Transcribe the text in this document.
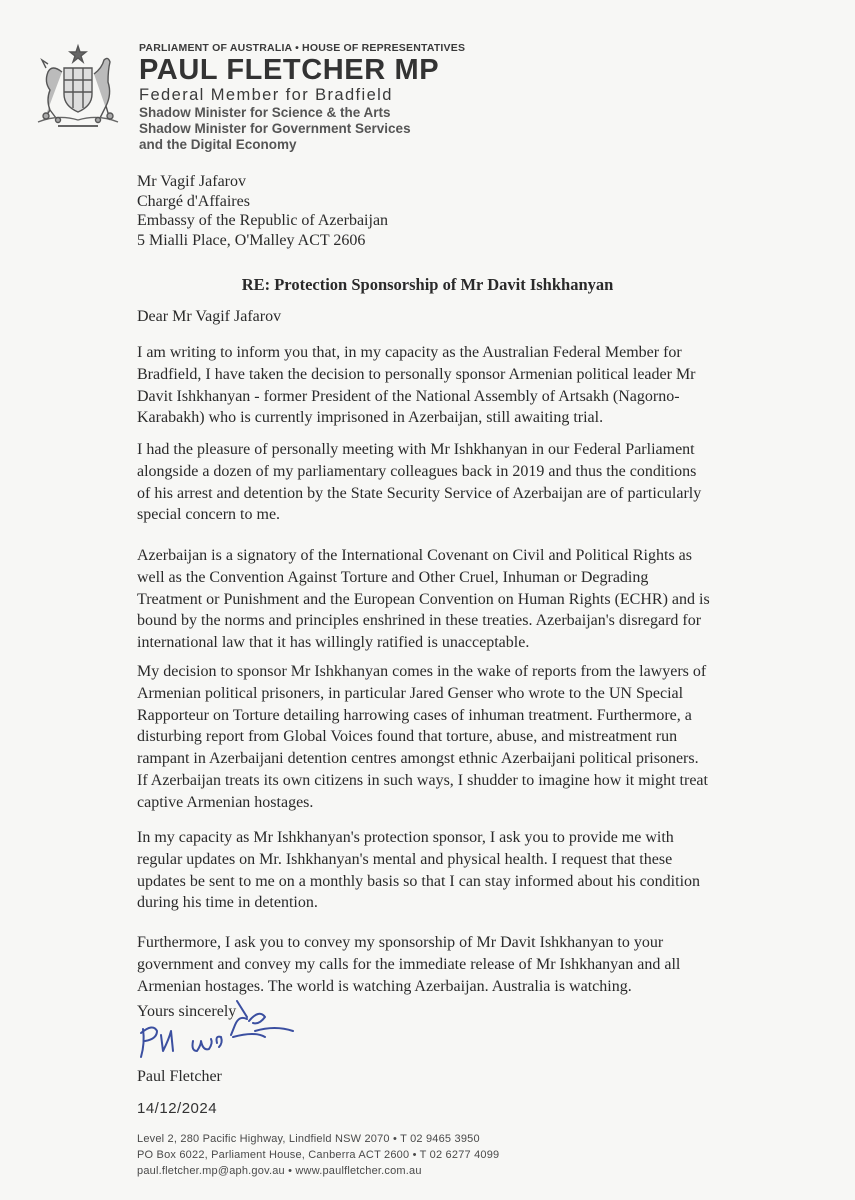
PARLIAMENT OF AUSTRALIA • HOUSE OF REPRESENTATIVES
PAUL FLETCHER MP
Federal Member for Bradfield
Shadow Minister for Science & the Arts
Shadow Minister for Government Services
and the Digital Economy
Mr Vagif Jafarov
Chargé d'Affaires
Embassy of the Republic of Azerbaijan
5 Mialli Place, O'Malley ACT 2606
RE: Protection Sponsorship of Mr Davit Ishkhanyan
Dear Mr Vagif Jafarov
I am writing to inform you that, in my capacity as the Australian Federal Member for
Bradfield, I have taken the decision to personally sponsor Armenian political leader Mr
Davit Ishkhanyan - former President of the National Assembly of Artsakh (Nagorno-
Karabakh) who is currently imprisoned in Azerbaijan, still awaiting trial.
I had the pleasure of personally meeting with Mr Ishkhanyan in our Federal Parliament
alongside a dozen of my parliamentary colleagues back in 2019 and thus the conditions
of his arrest and detention by the State Security Service of Azerbaijan are of particularly
special concern to me.
Azerbaijan is a signatory of the International Covenant on Civil and Political Rights as
well as the Convention Against Torture and Other Cruel, Inhuman or Degrading
Treatment or Punishment and the European Convention on Human Rights (ECHR) and is
bound by the norms and principles enshrined in these treaties. Azerbaijan's disregard for
international law that it has willingly ratified is unacceptable.
My decision to sponsor Mr Ishkhanyan comes in the wake of reports from the lawyers of
Armenian political prisoners, in particular Jared Genser who wrote to the UN Special
Rapporteur on Torture detailing harrowing cases of inhuman treatment. Furthermore, a
disturbing report from Global Voices found that torture, abuse, and mistreatment run
rampant in Azerbaijani detention centres amongst ethnic Azerbaijani political prisoners.
If Azerbaijan treats its own citizens in such ways, I shudder to imagine how it might treat
captive Armenian hostages.
In my capacity as Mr Ishkhanyan's protection sponsor, I ask you to provide me with
regular updates on Mr. Ishkhanyan's mental and physical health. I request that these
updates be sent to me on a monthly basis so that I can stay informed about his condition
during his time in detention.
Furthermore, I ask you to convey my sponsorship of Mr Davit Ishkhanyan to your
government and convey my calls for the immediate release of Mr Ishkhanyan and all
Armenian hostages. The world is watching Azerbaijan. Australia is watching.
Yours sincerely
Paul Fletcher
14/12/2024
Level 2, 280 Pacific Highway, Lindfield NSW 2070 • T 02 9465 3950
PO Box 6022, Parliament House, Canberra ACT 2600 • T 02 6277 4099
paul.fletcher.mp@aph.gov.au • www.paulfletcher.com.au
